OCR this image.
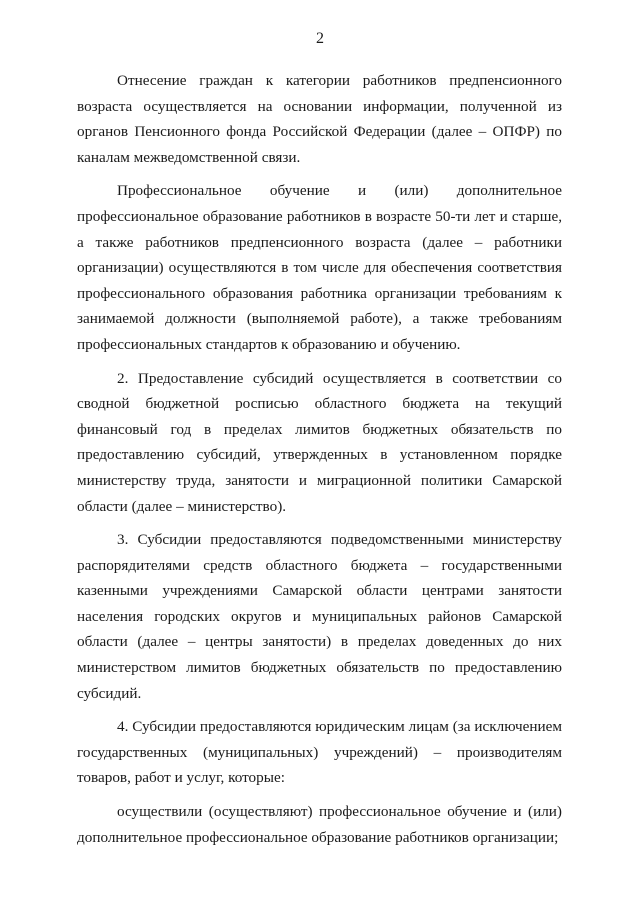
2

Отнесение граждан к категории работников предпенсионного возраста осуществляется на основании информации, полученной из органов Пенсионного фонда Российской Федерации (далее – ОПФР) по каналам межведомственной связи.

Профессиональное обучение и (или) дополнительное профессиональное образование работников в возрасте 50-ти лет и старше, а также работников предпенсионного возраста (далее – работники организации) осуществляются в том числе для обеспечения соответствия профессионального образования работника организации требованиям к занимаемой должности (выполняемой работе), а также требованиям профессиональных стандартов к образованию и обучению.

2. Предоставление субсидий осуществляется в соответствии со сводной бюджетной росписью областного бюджета на текущий финансовый год в пределах лимитов бюджетных обязательств по предоставлению субсидий, утвержденных в установленном порядке министерству труда, занятости и миграционной политики Самарской области (далее – министерство).

3. Субсидии предоставляются подведомственными министерству распорядителями средств областного бюджета – государственными казенными учреждениями Самарской области центрами занятости населения городских округов и муниципальных районов Самарской области (далее – центры занятости) в пределах доведенных до них министерством лимитов бюджетных обязательств по предоставлению субсидий.

4. Субсидии предоставляются юридическим лицам (за исключением государственных (муниципальных) учреждений) – производителям товаров, работ и услуг, которые:

осуществили (осуществляют) профессиональное обучение и (или) дополнительное профессиональное образование работников организации;
